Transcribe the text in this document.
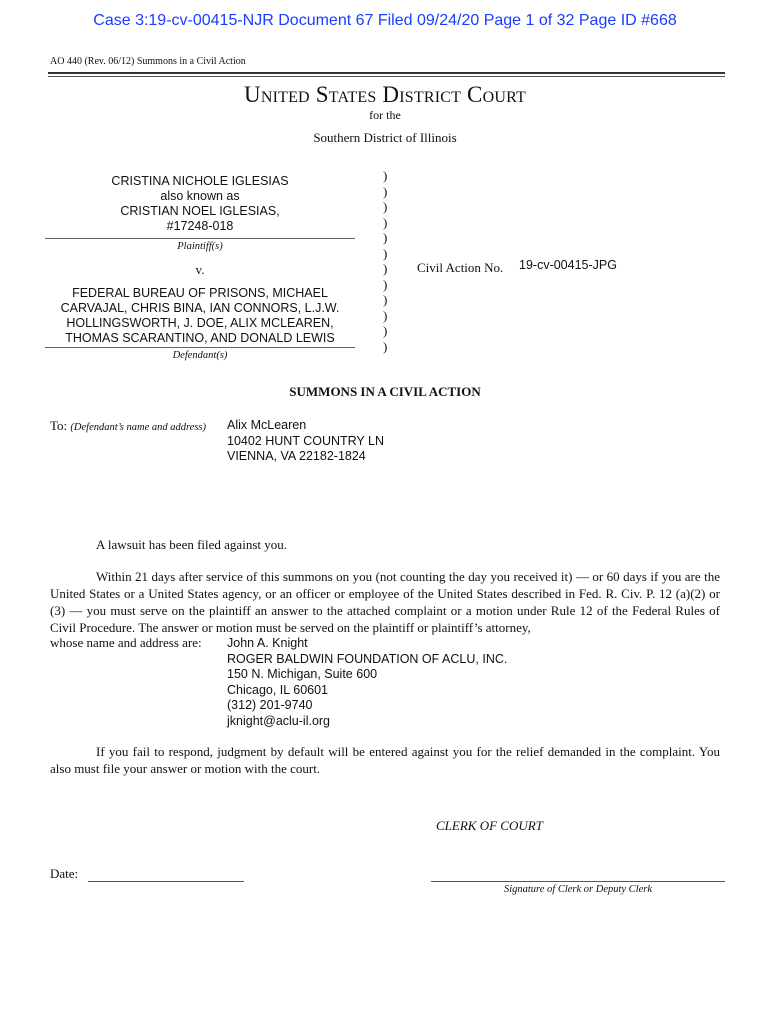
Case 3:19-cv-00415-NJR Document 67 Filed 09/24/20 Page 1 of 32 Page ID #668
AO 440 (Rev. 06/12) Summons in a Civil Action
United States District Court
for the
Southern District of Illinois
CRISTINA NICHOLE IGLESIAS
also known as
CRISTIAN NOEL IGLESIAS,
#17248-018
Plaintiff(s)
v.
FEDERAL BUREAU OF PRISONS, MICHAEL
CARVAJAL, CHRIS BINA, IAN CONNORS, L.J.W.
HOLLINGSWORTH, J. DOE, ALIX MCLEAREN,
THOMAS SCARANTINO, AND DONALD LEWIS
Defendant(s)
)
)
)
)
)
)
)
)
)
)
)
)
Civil Action No. 19-cv-00415-JPG
SUMMONS IN A CIVIL ACTION
To: (Defendant’s name and address) Alix McLearen
10402 HUNT COUNTRY LN
VIENNA, VA 22182-1824
A lawsuit has been filed against you.
Within 21 days after service of this summons on you (not counting the day you received it) — or 60 days if you are the United States or a United States agency, or an officer or employee of the United States described in Fed. R. Civ. P. 12 (a)(2) or (3) — you must serve on the plaintiff an answer to the attached complaint or a motion under Rule 12 of the Federal Rules of Civil Procedure. The answer or motion must be served on the plaintiff or plaintiff’s attorney,
whose name and address are: John A. Knight
ROGER BALDWIN FOUNDATION OF ACLU, INC.
150 N. Michigan, Suite 600
Chicago, IL 60601
(312) 201-9740
jknight@aclu-il.org
If you fail to respond, judgment by default will be entered against you for the relief demanded in the complaint. You also must file your answer or motion with the court.
CLERK OF COURT
Date:
Signature of Clerk or Deputy Clerk
